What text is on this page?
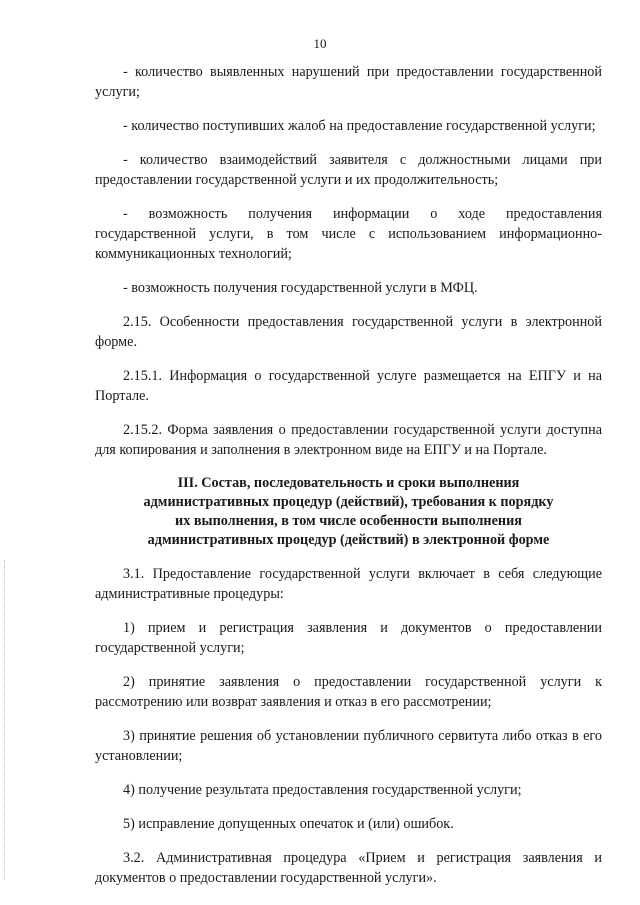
10

- количество выявленных нарушений при предоставлении государственной услуги;

- количество поступивших жалоб на предоставление государственной услуги;

- количество взаимодействий заявителя с должностными лицами при предоставлении государственной услуги и их продолжительность;

- возможность получения информации о ходе предоставления государственной услуги, в том числе с использованием информационно-коммуникационных технологий;

- возможность получения государственной услуги в МФЦ.

2.15. Особенности предоставления государственной услуги в электронной форме.

2.15.1. Информация о государственной услуге размещается на ЕПГУ и на Портале.

2.15.2. Форма заявления о предоставлении государственной услуги доступна для копирования и заполнения в электронном виде на ЕПГУ и на Портале.

III. Состав, последовательность и сроки выполнения
административных процедур (действий), требования к порядку
их выполнения, в том числе особенности выполнения
административных процедур (действий) в электронной форме

3.1. Предоставление государственной услуги включает в себя следующие административные процедуры:

1) прием и регистрация заявления и документов о предоставлении государственной услуги;

2) принятие заявления о предоставлении государственной услуги к рассмотрению или возврат заявления и отказ в его рассмотрении;

3) принятие решения об установлении публичного сервитута либо отказ в его установлении;

4) получение результата предоставления государственной услуги;

5) исправление допущенных опечаток и (или) ошибок.

3.2. Административная процедура «Прием и регистрация заявления и документов о предоставлении государственной услуги».
